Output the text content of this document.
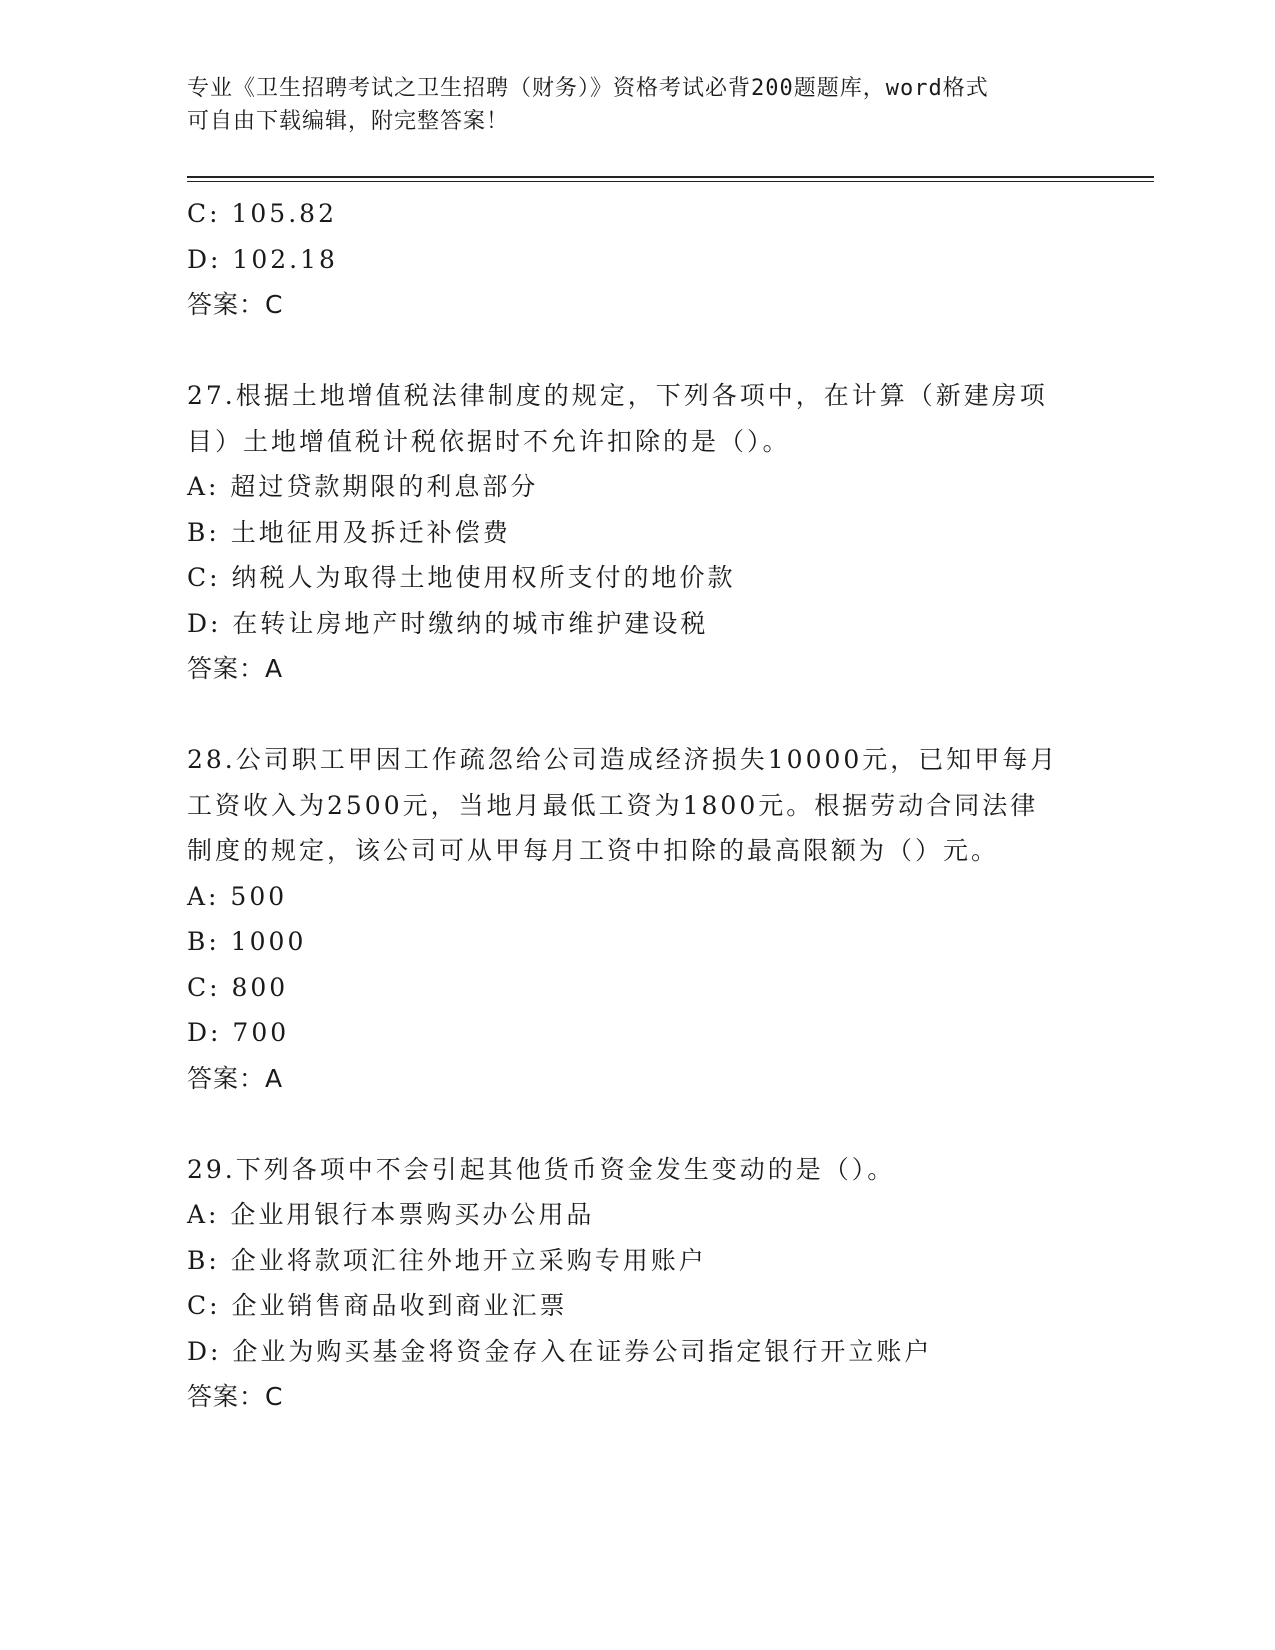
专业《卫生招聘考试之卫生招聘（财务）》资格考试必背200题题库，word格式
可自由下载编辑，附完整答案！
C: 105.82
D: 102.18
答案：C
27.根据土地增值税法律制度的规定，下列各项中，在计算（新建房项
目）土地增值税计税依据时不允许扣除的是（）。
A: 超过贷款期限的利息部分
B: 土地征用及拆迁补偿费
C: 纳税人为取得土地使用权所支付的地价款
D: 在转让房地产时缴纳的城市维护建设税
答案：A
28.公司职工甲因工作疏忽给公司造成经济损失10000元，已知甲每月
工资收入为2500元，当地月最低工资为1800元。根据劳动合同法律
制度的规定，该公司可从甲每月工资中扣除的最高限额为（）元。
A: 500
B: 1000
C: 800
D: 700
答案：A
29.下列各项中不会引起其他货币资金发生变动的是（）。
A: 企业用银行本票购买办公用品
B: 企业将款项汇往外地开立采购专用账户
C: 企业销售商品收到商业汇票
D: 企业为购买基金将资金存入在证券公司指定银行开立账户
答案：C
